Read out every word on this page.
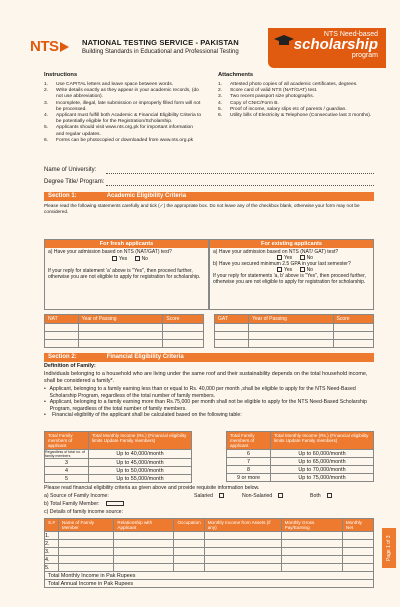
NTS	NATIONAL TESTING SERVICE - PAKISTAN
Building Standards in Educational and Professional Testing
NTS Need-based
scholarship
program
Instructions
1.	Use CAPITAL letters and leave space between words.
2.	Write details exactly as they appear in your academic records, (do not use abbreviation).
3.	Incomplete, illegal, late submission or improperly filled form will not be processed.
4.	Applicant must fulfill both Academic & Financial Eligibility Criteria to be potentially eligible for the Registration/Scholarship.
5.	Applicants should visit www.nts.org.pk for important information and regular updates.
6.	Forms can be photocopied or downloaded from www.nts.org.pk
Attachments
1.	Attested photo copies of all academic certificates, degrees.
2.	Score card of valid NTS (NAT/GAT) test.
3.	Two recent passport size photographs.
4.	Copy of CNIC/Form B.
5.	Proof of income, salary slips etc of parents / guardian.
6.	Utility bills of Electricity & Telephone (Consecutive last 3 months).
Name of University:
Degree Title/ Program:
Section 1:	Academic Eligibility Criteria
Please read the following statements carefully and tick (✓) the appropriate box. Do not leave any of the checkbox blank, otherwise your form may not be considered.
For fresh applicants
a) Have your admission based on NTS (NAT/GAT) test?
Yes	No
If your reply for statement 'a' above is "Yes", then proceed further, otherwise you are not eligible to apply for registration for scholarship.
For existing applicants
a) Have your admission based on NTS (NAT/ GAT) test?
Yes	No
b) Have you secured minimum 2.5 GPA in your last semester?
Yes	No
If your reply for statements 'a, b' above is "Yes", then proceed further, otherwise you are not eligible to apply for registration for scholarship.
NAT	Year of Passing	Score

			GAT	Year of Passing	Score

Section 2:	Financial Eligibility Criteria
Definition of Family:
Individuals belonging to a household who are living under the same roof and their sustainability depends on the total household income, shall be considered a family*.
• Applicant, belonging to a family earning less than or equal to Rs. 40,000 per month ,shall be eligible to apply for the NTS Need-Based Scholarship Program, regardless of the total number of family members.
• Applicant, belonging to a family earning more than Rs.75,000 per month shall not be eligible to apply for the NTS Need-Based Scholarship Program, regardless of the total number of family members.
•	Financial eligibility of the applicant shall be calculated based on the following table:
Total Family members of applicant	Total Monthly Income (Rs.) (Financial eligibility limits Update Family members)
Regardless of total no. of family members	Up to 40,000/month
3	Up to 45,000/month
4	Up to 50,000/month
5	Up to 55,000/month
Total Family members of applicant	Total Monthly Income (Rs.) (Financial eligibility limits Update Family members)
6	Up to 60,000/month
7	Up to 65,000/month
8	Up to 70,000/month
9 or more	Up to 75,000/month
Please read financial eligibility criteria as given above and provide requisite information below.
a) Source of Family Income:	Salaried	Non-Salaried	Both
b) Total Family Member:
c) Details of family income source:
S.#	Name of Family Member	Relationship with Applicant	Occupation	Monthly Income from Assets (if any)	Monthly Gross Pay/Earning	Monthly Net
1.						
2.						
3.						
4.						
5.						
Total Monthly Income in Pak Rupees						
Total Annual Income in Pak Rupees						
Page 1 of 3
